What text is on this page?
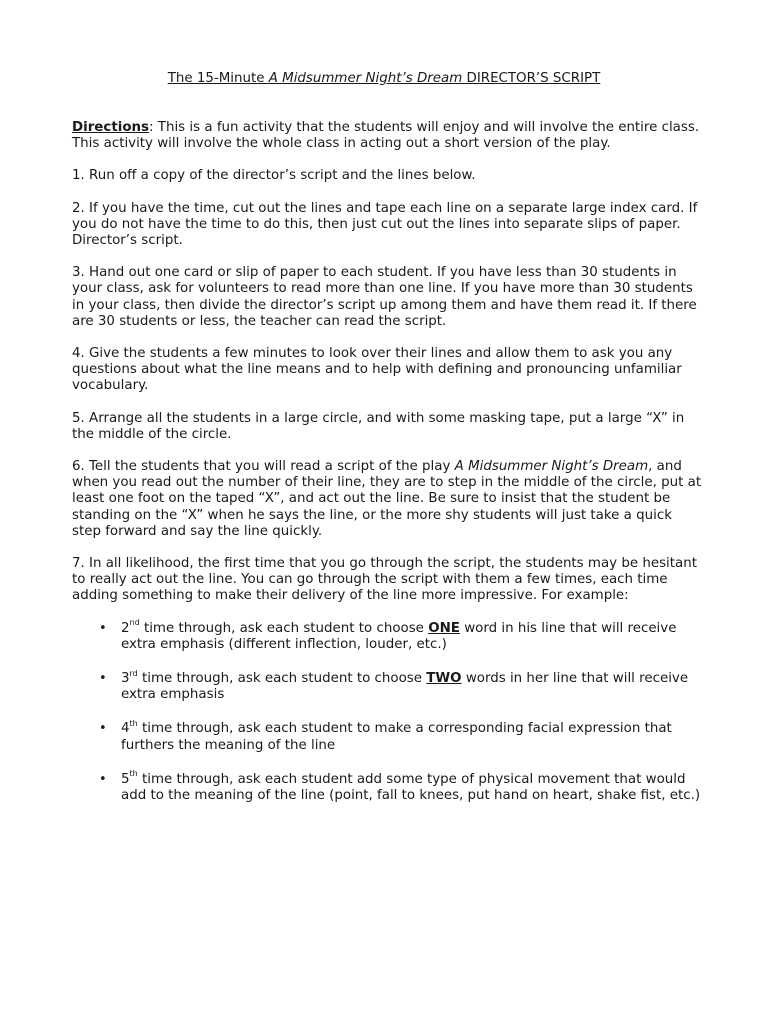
The 15-Minute A Midsummer Night’s Dream DIRECTOR’S SCRIPT

Directions: This is a fun activity that the students will enjoy and will involve the entire class. This activity will involve the whole class in acting out a short version of the play.

1. Run off a copy of the director’s script and the lines below.

2. If you have the time, cut out the lines and tape each line on a separate large index card. If you do not have the time to do this, then just cut out the lines into separate slips of paper. Director’s script.

3. Hand out one card or slip of paper to each student. If you have less than 30 students in your class, ask for volunteers to read more than one line. If you have more than 30 students in your class, then divide the director’s script up among them and have them read it. If there are 30 students or less, the teacher can read the script.

4. Give the students a few minutes to look over their lines and allow them to ask you any questions about what the line means and to help with defining and pronouncing unfamiliar vocabulary.

5. Arrange all the students in a large circle, and with some masking tape, put a large “X” in the middle of the circle.

6. Tell the students that you will read a script of the play A Midsummer Night’s Dream, and when you read out the number of their line, they are to step in the middle of the circle, put at least one foot on the taped “X”, and act out the line. Be sure to insist that the student be standing on the “X” when he says the line, or the more shy students will just take a quick step forward and say the line quickly.

7. In all likelihood, the first time that you go through the script, the students may be hesitant to really act out the line. You can go through the script with them a few times, each time adding something to make their delivery of the line more impressive. For example:

• 2nd time through, ask each student to choose ONE word in his line that will receive extra emphasis (different inflection, louder, etc.)
• 3rd time through, ask each student to choose TWO words in her line that will receive extra emphasis
• 4th time through, ask each student to make a corresponding facial expression that furthers the meaning of the line
• 5th time through, ask each student add some type of physical movement that would add to the meaning of the line (point, fall to knees, put hand on heart, shake fist, etc.)
